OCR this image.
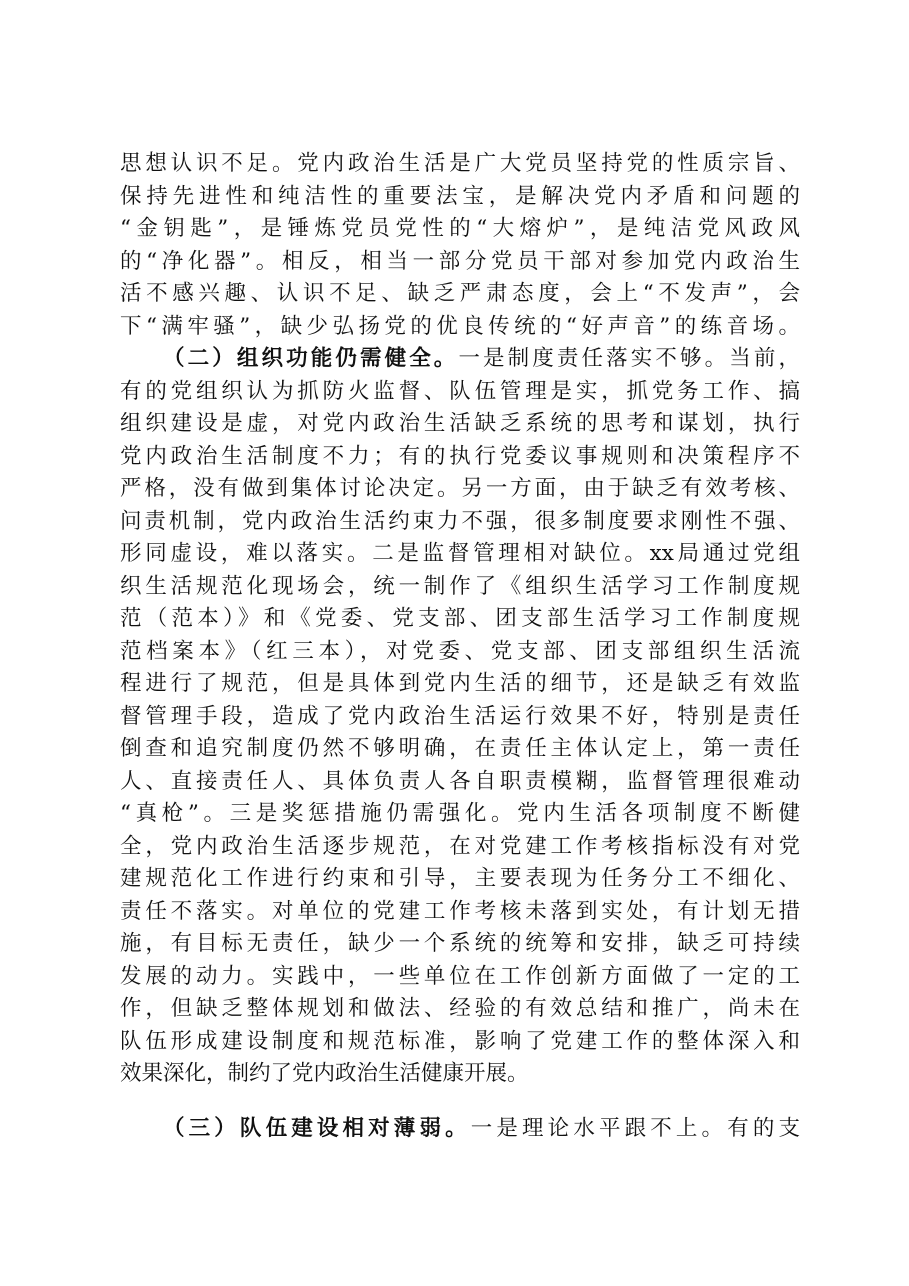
思想认识不足。党内政治生活是广大党员坚持党的性质宗旨、
保持先进性和纯洁性的重要法宝，是解决党内矛盾和问题的
“金钥匙”，是锤炼党员党性的“大熔炉”，是纯洁党风政风
的“净化器”。相反，相当一部分党员干部对参加党内政治生
活不感兴趣、认识不足、缺乏严肃态度，会上“不发声”，会
下“满牢骚”，缺少弘扬党的优良传统的“好声音”的练音场。
（二）组织功能仍需健全。一是制度责任落实不够。当前，
有的党组织认为抓防火监督、队伍管理是实，抓党务工作、搞
组织建设是虚，对党内政治生活缺乏系统的思考和谋划，执行
党内政治生活制度不力；有的执行党委议事规则和决策程序不
严格，没有做到集体讨论决定。另一方面，由于缺乏有效考核、
问责机制，党内政治生活约束力不强，很多制度要求刚性不强、
形同虚设，难以落实。二是监督管理相对缺位。xx局通过党组
织生活规范化现场会，统一制作了《组织生活学习工作制度规
范（范本）》和《党委、党支部、团支部生活学习工作制度规
范档案本》（红三本），对党委、党支部、团支部组织生活流
程进行了规范，但是具体到党内生活的细节，还是缺乏有效监
督管理手段，造成了党内政治生活运行效果不好，特别是责任
倒查和追究制度仍然不够明确，在责任主体认定上，第一责任
人、直接责任人、具体负责人各自职责模糊，监督管理很难动
“真枪”。三是奖惩措施仍需强化。党内生活各项制度不断健
全，党内政治生活逐步规范，在对党建工作考核指标没有对党
建规范化工作进行约束和引导，主要表现为任务分工不细化、
责任不落实。对单位的党建工作考核未落到实处，有计划无措
施，有目标无责任，缺少一个系统的统筹和安排，缺乏可持续
发展的动力。实践中，一些单位在工作创新方面做了一定的工
作，但缺乏整体规划和做法、经验的有效总结和推广，尚未在
队伍形成建设制度和规范标准，影响了党建工作的整体深入和
效果深化，制约了党内政治生活健康开展。
（三）队伍建设相对薄弱。一是理论水平跟不上。有的支
